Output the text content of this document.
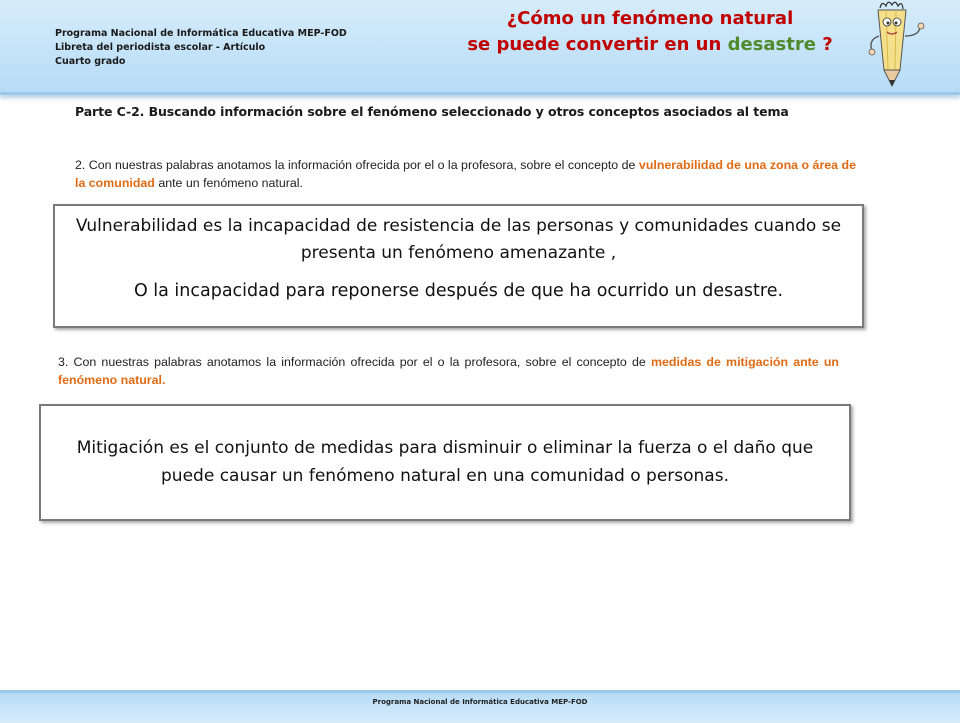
Programa Nacional de Informática Educativa MEP-FOD
Libreta del periodista escolar - Artículo
Cuarto grado
¿Cómo un fenómeno natural
se puede convertir en un desastre ?
Parte C-2. Buscando información sobre el fenómeno seleccionado y otros conceptos asociados al tema
2. Con nuestras palabras anotamos la información ofrecida por el o la profesora, sobre el concepto de vulnerabilidad de una zona o área de la comunidad ante un fenómeno natural.
Vulnerabilidad es la incapacidad de resistencia de las personas y comunidades cuando se presenta un fenómeno amenazante ,
O la incapacidad para reponerse después de que ha ocurrido un desastre.
3. Con nuestras palabras anotamos la información ofrecida por el o la profesora, sobre el concepto de medidas de mitigación ante un fenómeno natural.
Mitigación es el conjunto de medidas para disminuir o eliminar la fuerza o el daño que puede causar un fenómeno natural en una comunidad o personas.
Programa Nacional de Informática Educativa MEP-FOD
